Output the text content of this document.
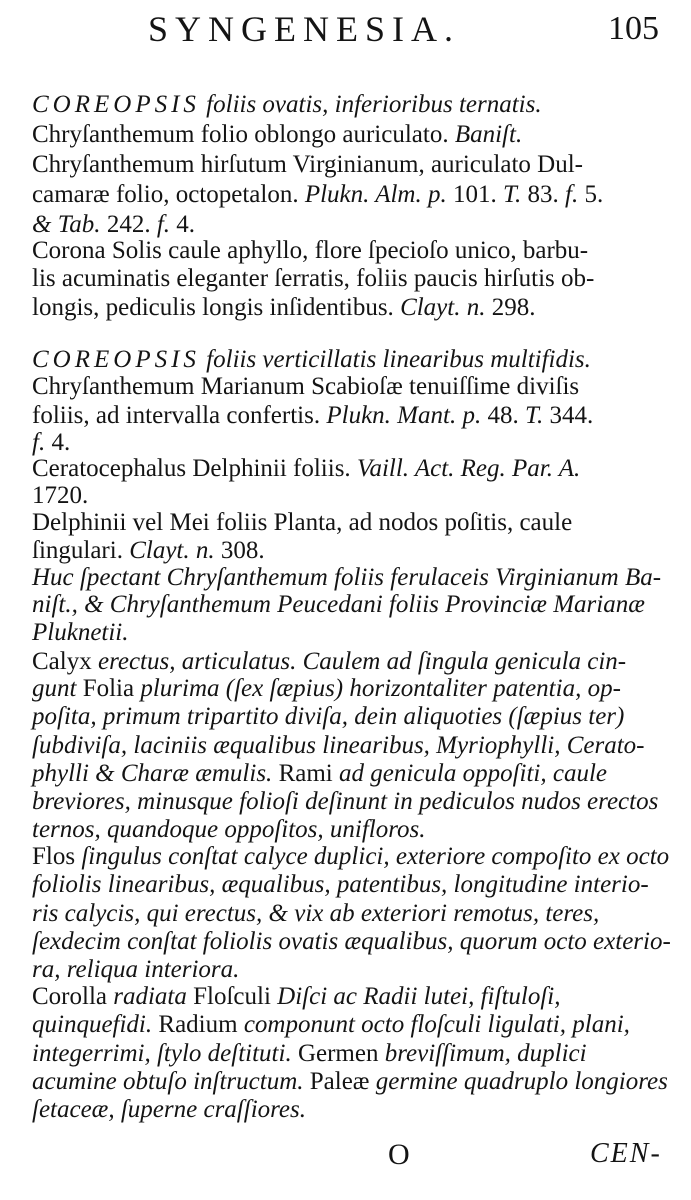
SYNGENESIA.	105
COREOPSIS foliis ovatis, inferioribus ternatis.
Chryſanthemum folio oblongo auriculato. Baniſt.
Chryſanthemum hirſutum Virginianum, auriculato Dul-
camaræ folio, octopetalon. Plukn. Alm. p. 101. T. 83. f. 5.
& Tab. 242. f. 4.
Corona Solis caule aphyllo, flore ſpecioſo unico, barbu-
lis acuminatis eleganter ſerratis, foliis paucis hirſutis ob-
longis, pediculis longis inſidentibus. Clayt. n. 298.
COREOPSIS foliis verticillatis linearibus multifidis.
Chryſanthemum Marianum Scabioſæ tenuiſſime diviſis
foliis, ad intervalla confertis. Plukn. Mant. p. 48. T. 344.
f. 4.
Ceratocephalus Delphinii foliis. Vaill. Act. Reg. Par. A.
1720.
Delphinii vel Mei foliis Planta, ad nodos poſitis, caule
ſingulari. Clayt. n. 308.
Huc ſpectant Chryſanthemum foliis ferulaceis Virginianum Ba-
niſt., & Chryſanthemum Peucedani foliis Provinciæ Marianæ
Pluknetii.
Calyx erectus, articulatus. Caulem ad ſingula genicula cin-
gunt Folia plurima (ſex ſæpius) horizontaliter patentia, op-
poſita, primum tripartito diviſa, dein aliquoties (ſæpius ter)
ſubdiviſa, laciniis æqualibus linearibus, Myriophylli, Cerato-
phylli & Charæ æmulis. Rami ad genicula oppoſiti, caule
breviores, minusque folioſi deſinunt in pediculos nudos erectos
ternos, quandoque oppoſitos, unifloros.
Flos ſingulus conſtat calyce duplici, exteriore compoſito ex octo
foliolis linearibus, æqualibus, patentibus, longitudine interio-
ris calycis, qui erectus, & vix ab exteriori remotus, teres,
ſexdecim conſtat foliolis ovatis æqualibus, quorum octo exterio-
ra, reliqua interiora.
Corolla radiata Floſculi Diſci ac Radii lutei, fiſtuloſi,
quinquefidi. Radium componunt octo floſculi ligulati, plani,
integerrimi, ſtylo deſtituti. Germen breviſſimum, duplici
acumine obtuſo inſtructum. Paleæ germine quadruplo longiores
ſetaceæ, ſuperne craſſiores.
O	CEN-
